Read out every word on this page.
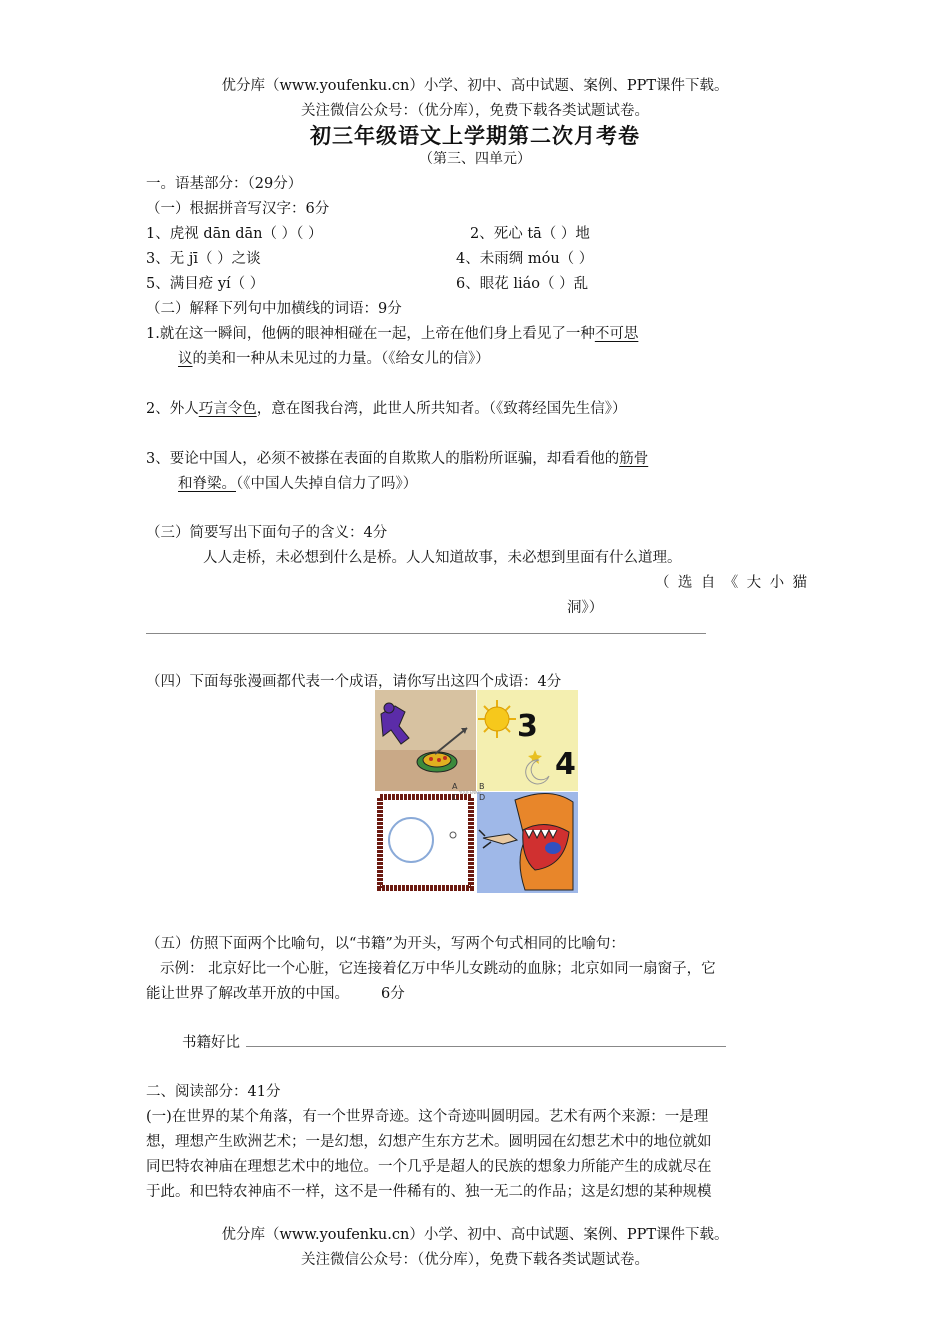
优分库（www.youfenku.cn）小学、初中、高中试题、案例、PPT课件下载。
关注微信公众号：（优分库），免费下载各类试题试卷。
初三年级语文上学期第二次月考卷
（第三、四单元）
一。语基部分：（29分）
（一）根据拼音写汉字：6分
1、虎视 dān dān（ ）（ ）	2、死心 tā（ ）地
3、无 jī（ ）之谈	4、未雨绸 móu（ ）
5、满目疮 yí（ ）	6、眼花 liáo（ ）乱
（二）解释下列句中加横线的词语：9分
1.就在这一瞬间，他俩的眼神相碰在一起，上帝在他们身上看见了一种不可思
议的美和一种从未见过的力量。（《给女儿的信》）
2、外人巧言令色，意在图我台湾，此世人所共知者。（《致蒋经国先生信》）
3、要论中国人，必须不被搽在表面的自欺欺人的脂粉所诓骗，却看看他的筋骨
和脊梁。（《中国人失掉自信力了吗》）
（三）简要写出下面句子的含义：4分
人人走桥，未必想到什么是桥。人人知道故事，未必想到里面有什么道理。
（ 选 自 《 大 小 猫
洞》）
（四）下面每张漫画都代表一个成语，请你写出这四个成语：4分
3
4
A	B
C	D
YOUFENKU
（五）仿照下面两个比喻句，以“书籍”为开头，写两个句式相同的比喻句：
示例： 北京好比一个心脏，它连接着亿万中华儿女跳动的血脉；北京如同一扇窗子，它
能让世界了解改革开放的中国。 6分
书籍好比
二、阅读部分：41分
(一)在世界的某个角落，有一个世界奇迹。这个奇迹叫圆明园。艺术有两个来源：一是理
想，理想产生欧洲艺术；一是幻想，幻想产生东方艺术。圆明园在幻想艺术中的地位就如
同巴特农神庙在理想艺术中的地位。一个几乎是超人的民族的想象力所能产生的成就尽在
于此。和巴特农神庙不一样，这不是一件稀有的、独一无二的作品；这是幻想的某种规模
优分库（www.youfenku.cn）小学、初中、高中试题、案例、PPT课件下载。
关注微信公众号：（优分库），免费下载各类试题试卷。
